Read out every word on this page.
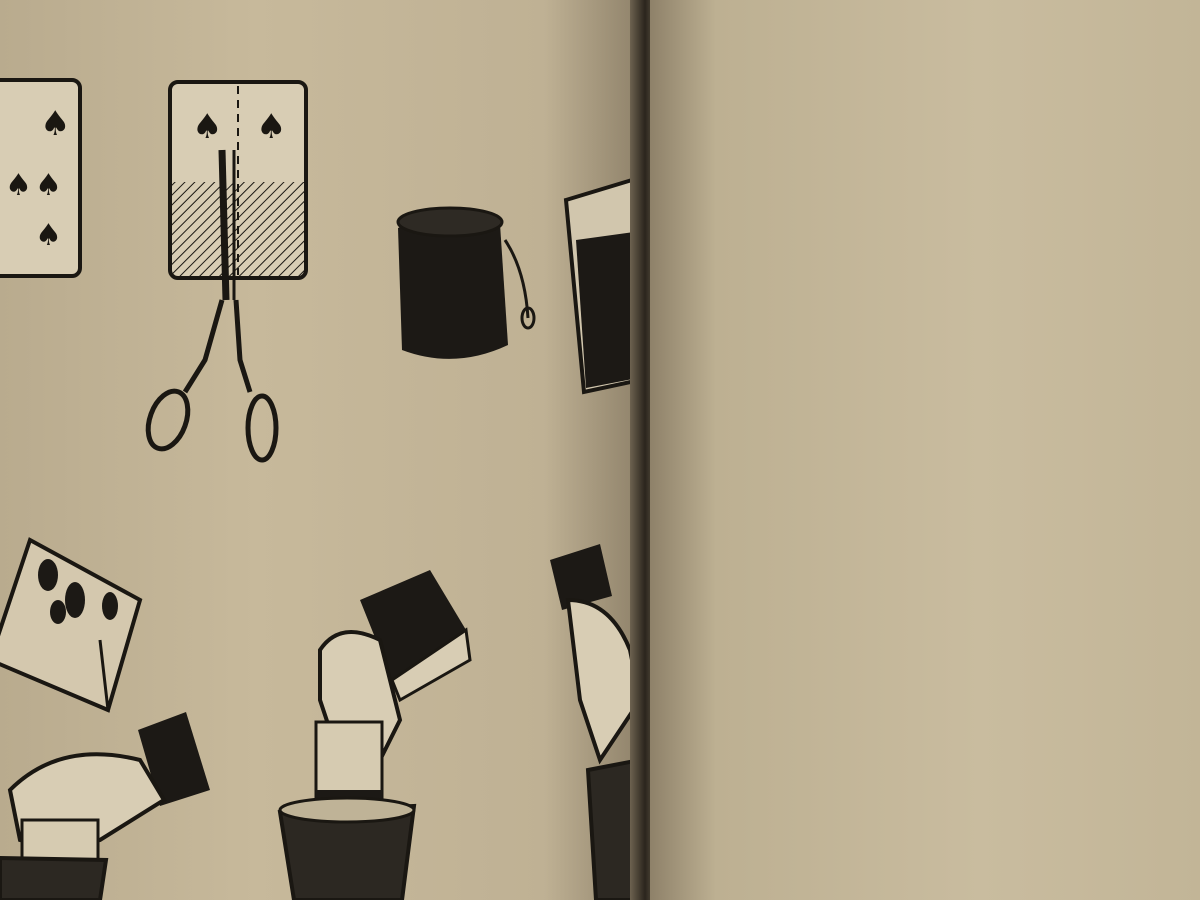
♠
♠ ♠
♠
♠ ♠
